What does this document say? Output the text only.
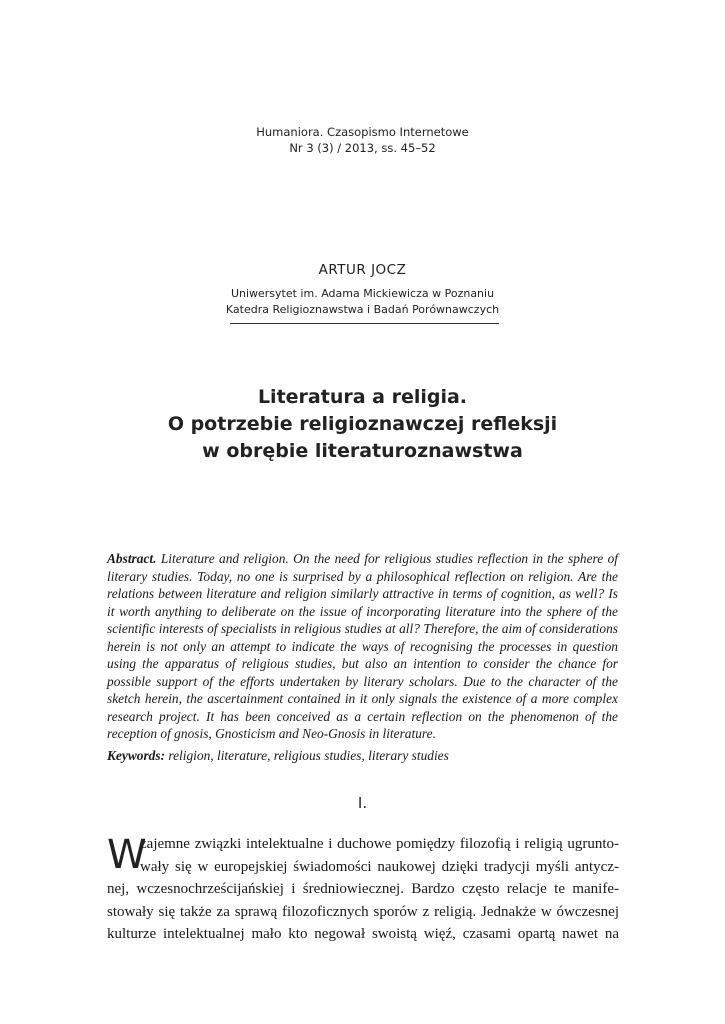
Humaniora. Czasopismo Internetowe
Nr 3 (3) / 2013, ss. 45–52
ARTUR JOCZ
Uniwersytet im. Adama Mickiewicza w Poznaniu
Katedra Religioznawstwa i Badań Porównawczych
Literatura a religia.
O potrzebie religioznawczej refleksji
w obrębie literaturoznawstwa
Abstract. Literature and religion. On the need for religious studies reflection in the sphere of literary studies. Today, no one is surprised by a philosophical reflection on religion. Are the relations between literature and religion similarly attractive in terms of cognition, as well? Is it worth anything to deliberate on the issue of incorporating literature into the sphere of the scientific interests of specialists in religious studies at all? Therefore, the aim of considerations herein is not only an attempt to indicate the ways of recognising the processes in question using the apparatus of religious studies, but also an intention to consider the chance for possible support of the efforts undertaken by literary scholars. Due to the character of the sketch herein, the ascertainment contained in it only signals the existence of a more complex research project. It has been conceived as a certain reflection on the phenomenon of the reception of gnosis, Gnosticism and Neo-Gnosis in literature.
Keywords: religion, literature, religious studies, literary studies
I.
W
zajemne związki intelektualne i duchowe pomiędzy filozofią i religią ugrunto-
wały się w europejskiej świadomości naukowej dzięki tradycji myśli antycz-
nej, wczesnochrześcijańskiej i średniowiecznej. Bardzo często relacje te manife-
stowały się także za sprawą filozoficznych sporów z religią. Jednakże w ówczesnej
kulturze intelektualnej mało kto negował swoistą więź, czasami opartą nawet na
